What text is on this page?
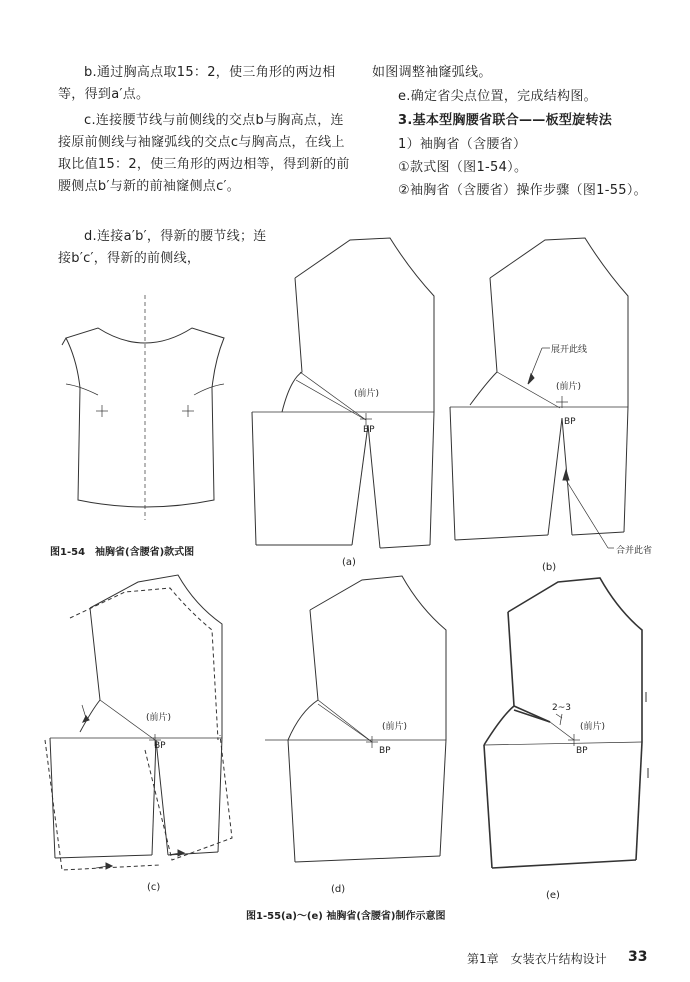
b.通过胸高点取15：2，使三角形的两边相等，得到a′点。
c.连接腰节线与前侧线的交点b与胸高点，连接原前侧线与袖窿弧线的交点c与胸高点，在线上取比值15：2，使三角形的两边相等，得到新的前腰侧点b′与新的前袖窿侧点c′。
d.连接a′b′，得新的腰节线；连接b′c′，得新的前侧线，
如图调整袖窿弧线。
e.确定省尖点位置，完成结构图。
3.基本型胸腰省联合——板型旋转法
1）袖胸省（含腰省）
①款式图（图1-54）。
②袖胸省（含腰省）操作步骤（图1-55）。
图1-54　袖胸省(含腰省)款式图
(前片)
BP
(a)
展开此线
(前片)
BP
合并此省
(b)
(前片)
BP
(c)
(前片)
BP
(d)
2~3
(前片)
BP
(e)
图1-55(a)～(e) 袖胸省(含腰省)制作示意图
第1章　女装衣片结构设计 33
